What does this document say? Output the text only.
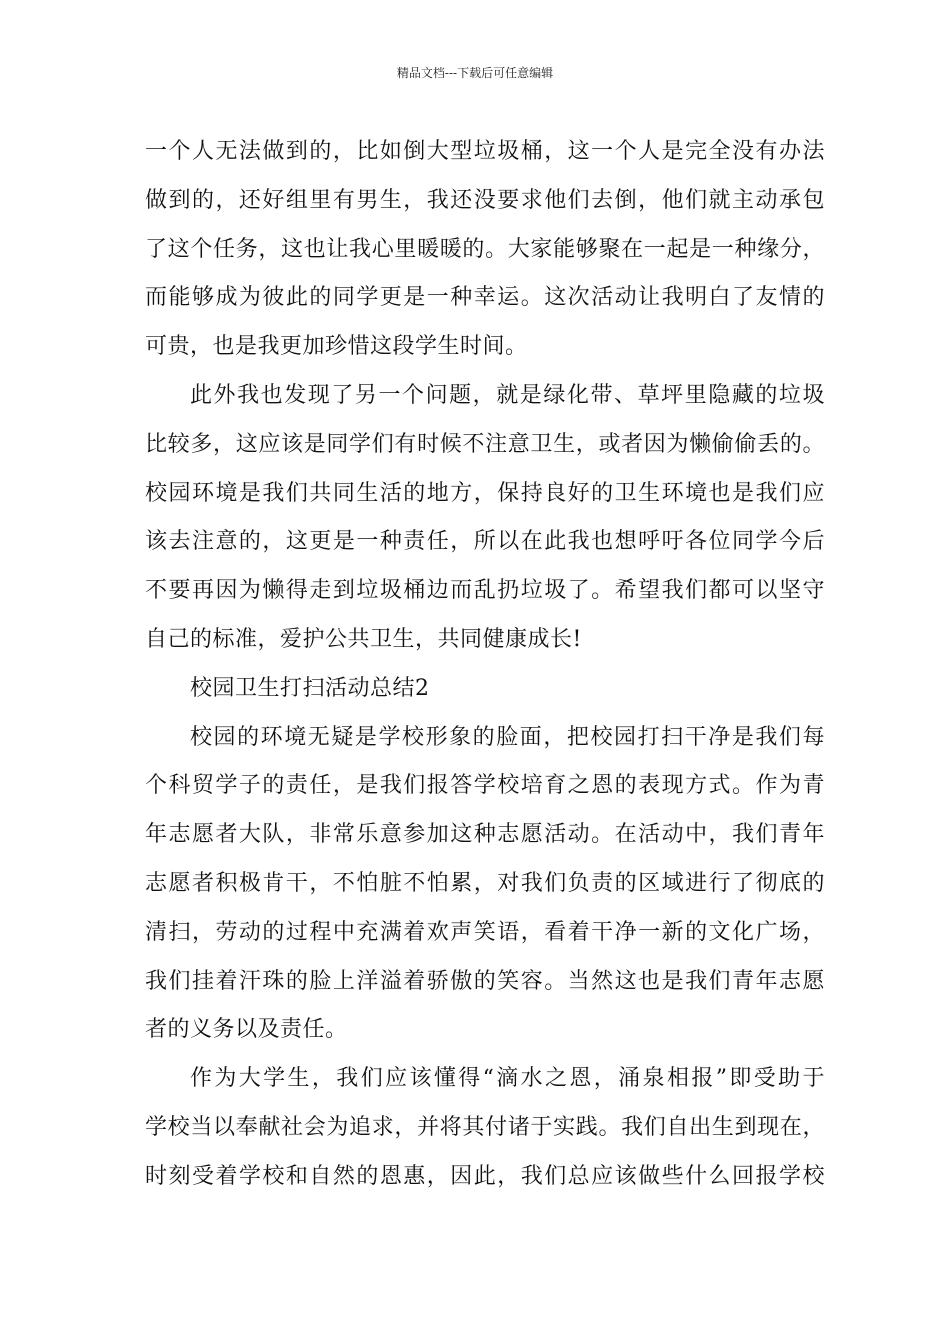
精品文档---下载后可任意编辑
一个人无法做到的，比如倒大型垃圾桶，这一个人是完全没有办法
做到的，还好组里有男生，我还没要求他们去倒，他们就主动承包
了这个任务，这也让我心里暖暖的。大家能够聚在一起是一种缘分，
而能够成为彼此的同学更是一种幸运。这次活动让我明白了友情的
可贵，也是我更加珍惜这段学生时间。
此外我也发现了另一个问题，就是绿化带、草坪里隐藏的垃圾
比较多，这应该是同学们有时候不注意卫生，或者因为懒偷偷丢的。
校园环境是我们共同生活的地方，保持良好的卫生环境也是我们应
该去注意的，这更是一种责任，所以在此我也想呼吁各位同学今后
不要再因为懒得走到垃圾桶边而乱扔垃圾了。希望我们都可以坚守
自己的标准，爱护公共卫生，共同健康成长!
校园卫生打扫活动总结2
校园的环境无疑是学校形象的脸面，把校园打扫干净是我们每
个科贸学子的责任，是我们报答学校培育之恩的表现方式。作为青
年志愿者大队，非常乐意参加这种志愿活动。在活动中，我们青年
志愿者积极肯干，不怕脏不怕累，对我们负责的区域进行了彻底的
清扫，劳动的过程中充满着欢声笑语，看着干净一新的文化广场，
我们挂着汗珠的脸上洋溢着骄傲的笑容。当然这也是我们青年志愿
者的义务以及责任。
作为大学生，我们应该懂得“滴水之恩，涌泉相报”即受助于
学校当以奉献社会为追求，并将其付诸于实践。我们自出生到现在，
时刻受着学校和自然的恩惠，因此，我们总应该做些什么回报学校
